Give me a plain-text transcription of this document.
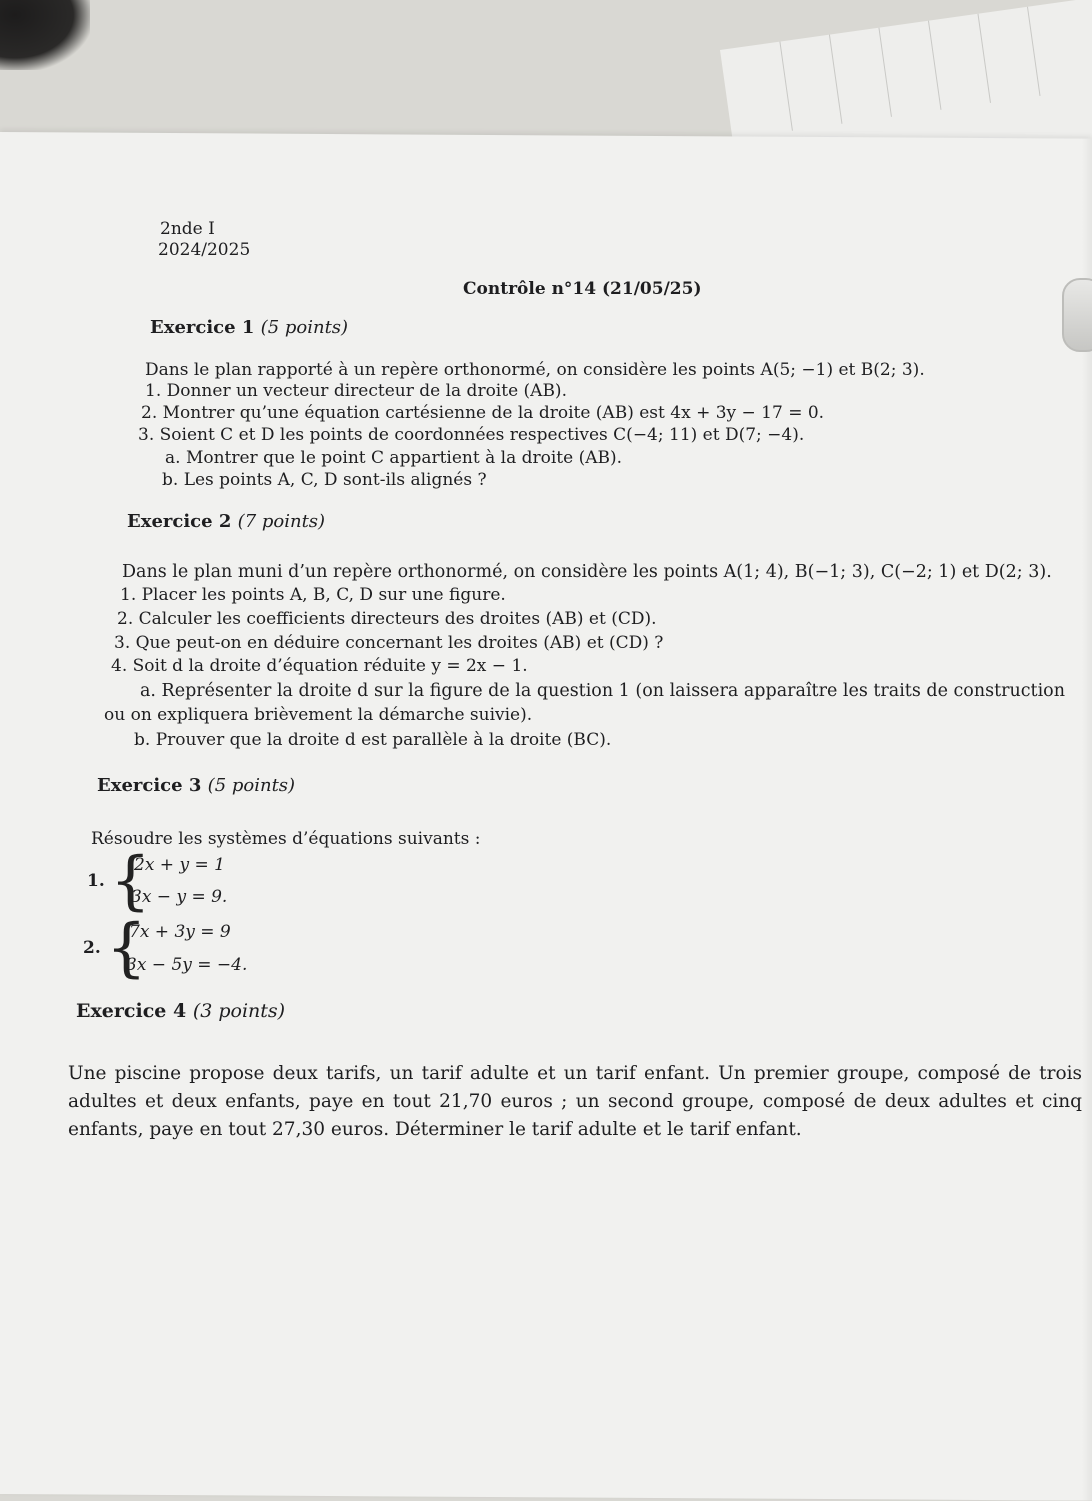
2nde I
2024/2025
Contrôle n°14 (21/05/25)
Exercice 1 (5 points)
Dans le plan rapporté à un repère orthonormé, on considère les points A(5; −1) et B(2; 3).
1. Donner un vecteur directeur de la droite (AB).
2. Montrer qu’une équation cartésienne de la droite (AB) est 4x + 3y − 17 = 0.
3. Soient C et D les points de coordonnées respectives C(−4; 11) et D(7; −4).
a. Montrer que le point C appartient à la droite (AB).
b. Les points A, C, D sont-ils alignés ?
Exercice 2 (7 points)
Dans le plan muni d’un repère orthonormé, on considère les points A(1; 4), B(−1; 3), C(−2; 1) et D(2; 3).
1. Placer les points A, B, C, D sur une figure.
2. Calculer les coefficients directeurs des droites (AB) et (CD).
3. Que peut-on en déduire concernant les droites (AB) et (CD) ?
4. Soit d la droite d’équation réduite y = 2x − 1.
a. Représenter la droite d sur la figure de la question 1 (on laissera apparaître les traits de construction
ou on expliquera brièvement la démarche suivie).
b. Prouver que la droite d est parallèle à la droite (BC).
Exercice 3 (5 points)
Résoudre les systèmes d’équations suivants :
1. {
2x + y = 1
3x − y = 9.
2. {
7x + 3y = 9
3x − 5y = −4.
Exercice 4 (3 points)
Une piscine propose deux tarifs, un tarif adulte et un tarif enfant. Un premier groupe, composé de trois adultes et deux enfants, paye en tout 21,70 euros ; un second groupe, composé de deux adultes et cinq enfants, paye en tout 27,30 euros. Déterminer le tarif adulte et le tarif enfant.
